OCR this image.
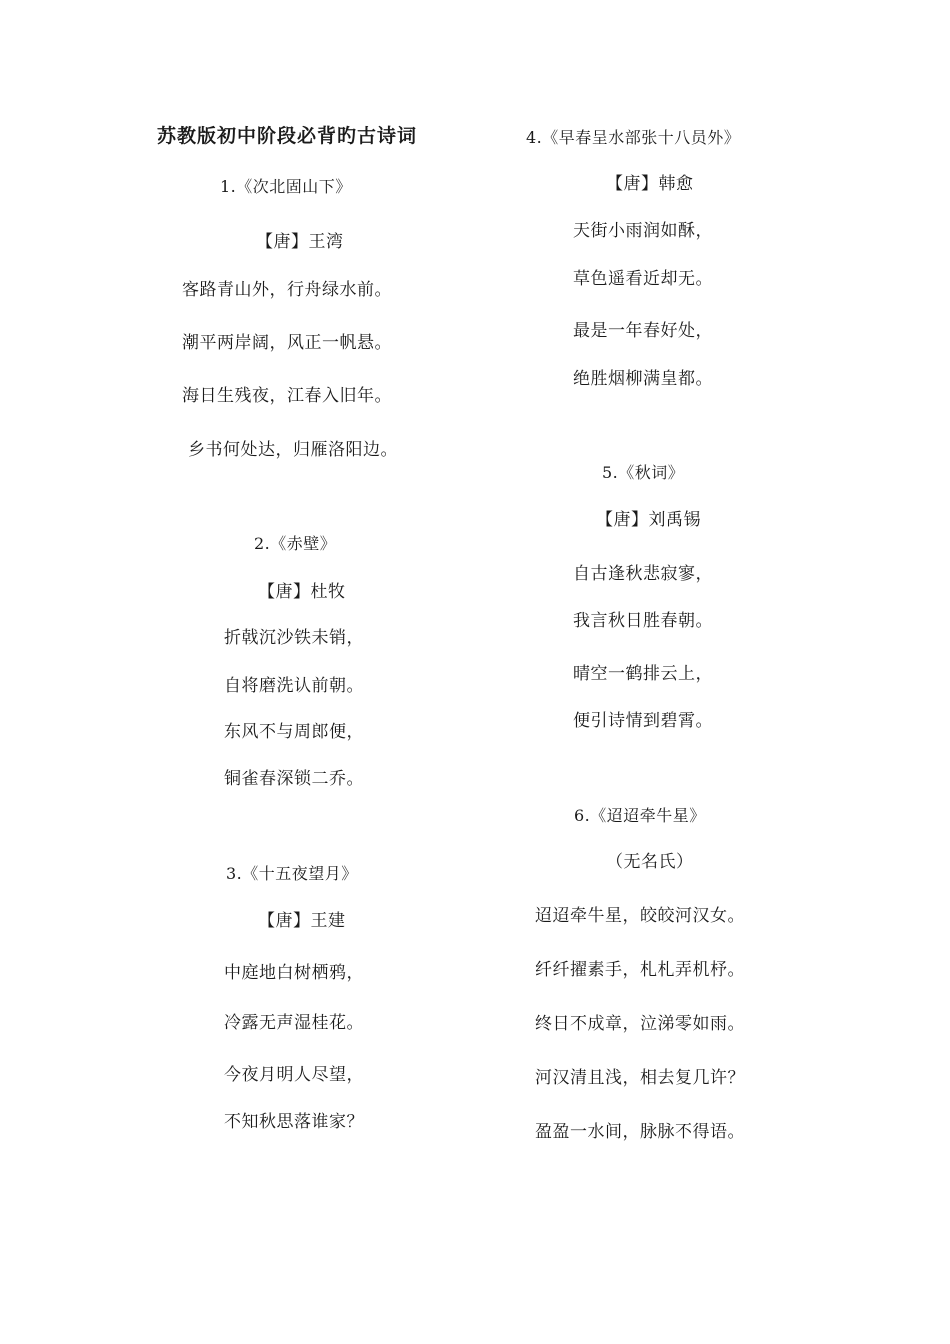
苏教版初中阶段必背旳古诗词
1.《次北固山下》
【唐】王湾
客路青山外，行舟绿水前。
潮平两岸阔，风正一帆悬。
海日生残夜，江春入旧年。
乡书何处达，归雁洛阳边。
2.《赤壁》
【唐】杜牧
折戟沉沙铁未销，
自将磨洗认前朝。
东风不与周郎便，
铜雀春深锁二乔。
3.《十五夜望月》
【唐】王建
中庭地白树栖鸦，
冷露无声湿桂花。
今夜月明人尽望，
不知秋思落谁家？
4.《早春呈水部张十八员外》
【唐】韩愈
天街小雨润如酥，
草色遥看近却无。
最是一年春好处，
绝胜烟柳满皇都。
5.《秋词》
【唐】刘禹锡
自古逢秋悲寂寥，
我言秋日胜春朝。
晴空一鹤排云上，
便引诗情到碧霄。
6.《迢迢牵牛星》
（无名氏）
迢迢牵牛星，皎皎河汉女。
纤纤擢素手，札札弄机杼。
终日不成章，泣涕零如雨。
河汉清且浅，相去复几许？
盈盈一水间，脉脉不得语。
